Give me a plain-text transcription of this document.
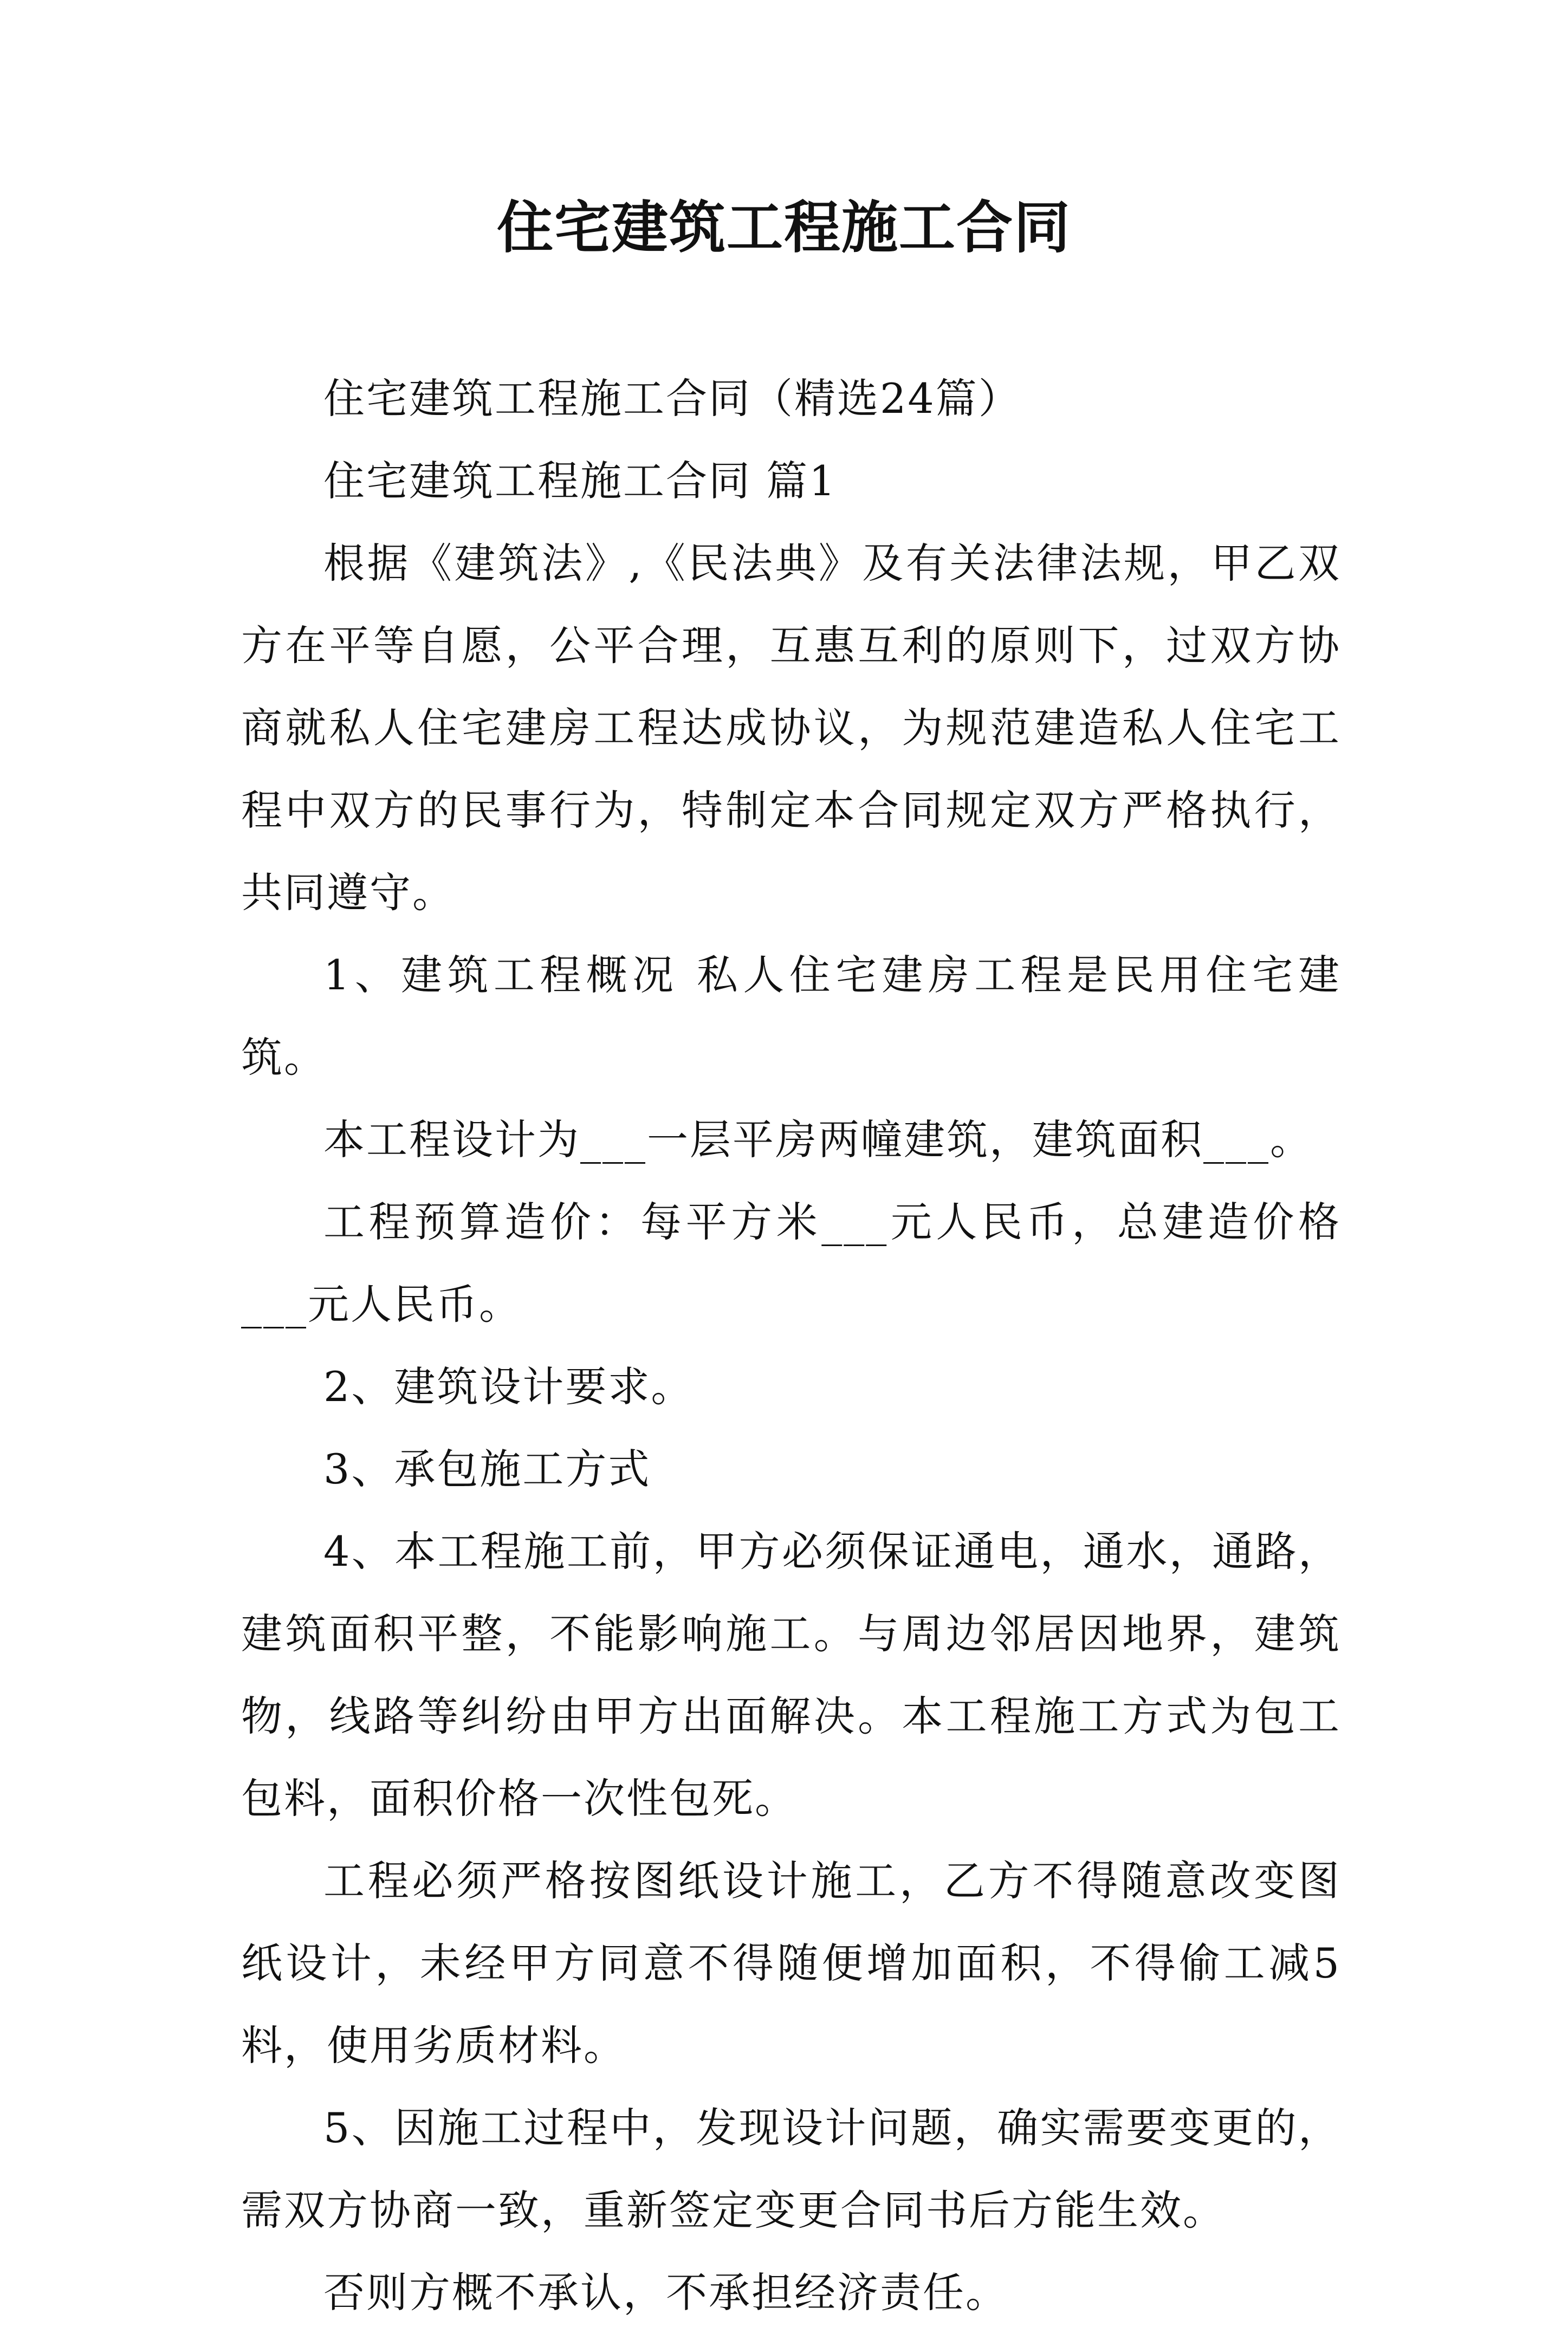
住宅建筑工程施工合同

住宅建筑工程施工合同（精选24篇）

住宅建筑工程施工合同 篇1

根据《建筑法》,《民法典》及有关法律法规，甲乙双方在平等自愿，公平合理，互惠互利的原则下，过双方协商就私人住宅建房工程达成协议，为规范建造私人住宅工程中双方的民事行为，特制定本合同规定双方严格执行，共同遵守。

1、建筑工程概况 私人住宅建房工程是民用住宅建筑。

本工程设计为___一层平房两幢建筑，建筑面积___。

工程预算造价：每平方米___元人民币，总建造价格___元人民币。

2、建筑设计要求。

3、承包施工方式

4、本工程施工前，甲方必须保证通电，通水，通路，建筑面积平整，不能影响施工。与周边邻居因地界，建筑物，线路等纠纷由甲方出面解决。本工程施工方式为包工包料，面积价格一次性包死。

工程必须严格按图纸设计施工，乙方不得随意改变图纸设计，未经甲方同意不得随便增加面积，不得偷工减5料，使用劣质材料。

5、因施工过程中，发现设计问题，确实需要变更的，需双方协商一致，重新签定变更合同书后方能生效。

否则方概不承认，不承担经济责任。
